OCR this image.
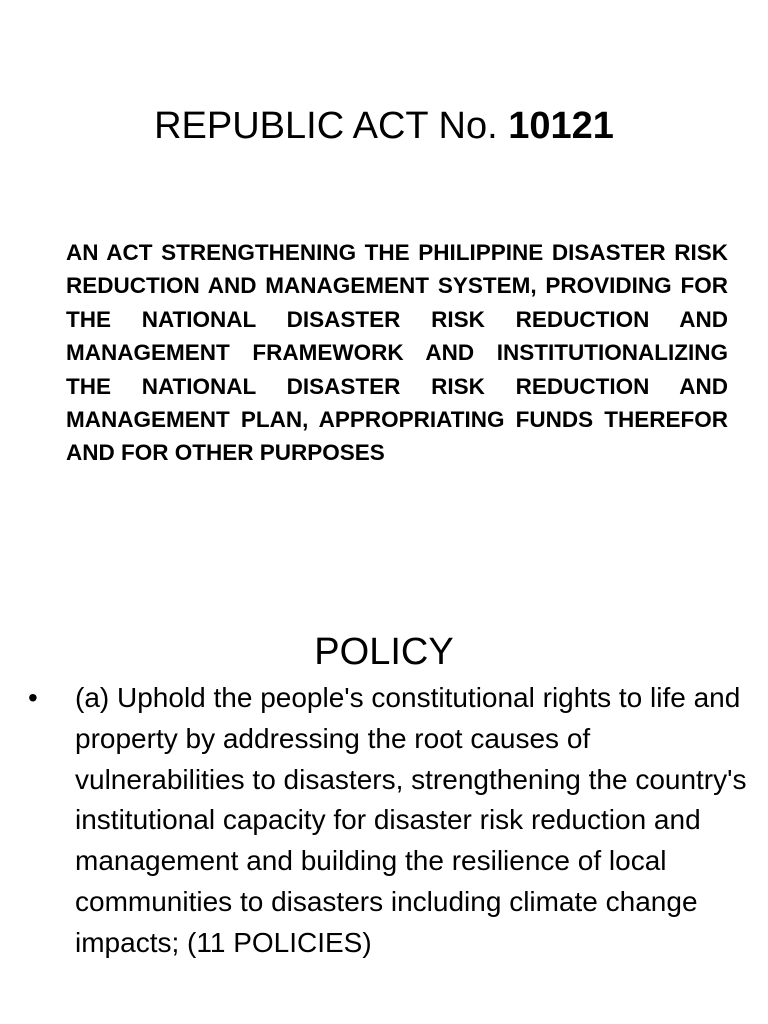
REPUBLIC ACT No. 10121
AN ACT STRENGTHENING THE PHILIPPINE DISASTER RISK REDUCTION AND MANAGEMENT SYSTEM, PROVIDING FOR THE NATIONAL DISASTER RISK REDUCTION AND MANAGEMENT FRAMEWORK AND INSTITUTIONALIZING THE NATIONAL DISASTER RISK REDUCTION AND MANAGEMENT PLAN, APPROPRIATING FUNDS THEREFOR AND FOR OTHER PURPOSES
POLICY
• (a) Uphold the people's constitutional rights to life and property by addressing the root causes of vulnerabilities to disasters, strengthening the country's institutional capacity for disaster risk reduction and management and building the resilience of local communities to disasters including climate change impacts; (11 POLICIES)
